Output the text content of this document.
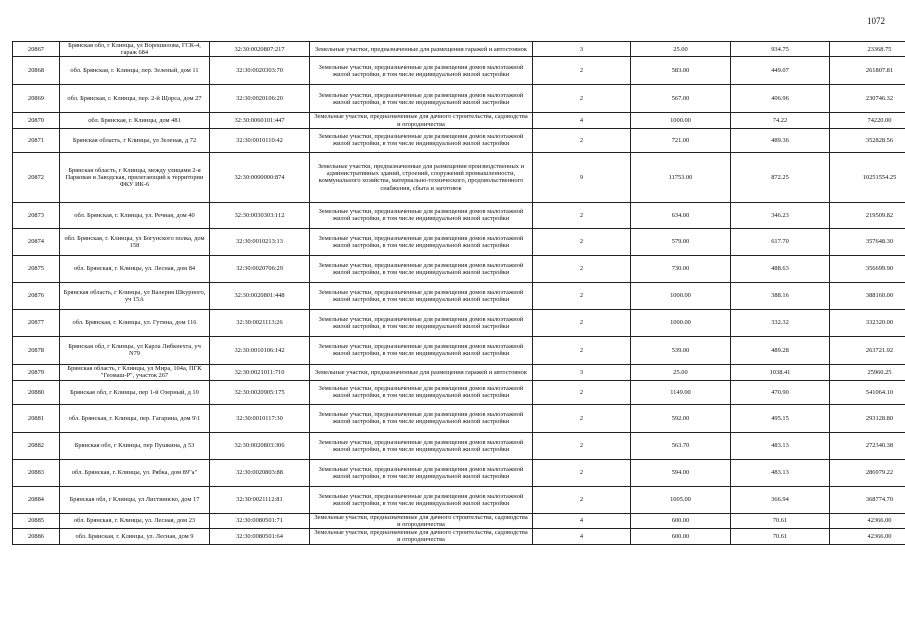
1072
20867	Брянская обл, г Клинцы, ул Ворошилова, ГСК-4, гараж 684	32:30:0020807:217	Земельные участки, предназначенные для размещения гаражей и автостоянок	3	25.00	934.75	23368.75
20868	обл. Брянская, г. Клинцы, пер. Зеленый, дом 11	32:30:0020303:70	Земельные участки, предназначенные для размещения домов малоэтажной жилой застройки, в том числе индивидуальной жилой застройки	2	583.00	449.07	261807.81
20869	обл. Брянская, г. Клинцы, пер. 2-й Щорса, дом 27	32:30:0020106:20	Земельные участки, предназначенные для размещения домов малоэтажной жилой застройки, в том числе индивидуальной жилой застройки	2	567.00	406.96	230746.32
20870	обл. Брянская, г. Клинцы, дом 481	32:30:0060101:447	Земельные участки, предназначенные для дачного строительства, садоводства и огородничества	4	1000.00	74.22	74220.00
20871	Брянская область, г Клинцы, ул Зеленая, д 72	32:30:0010110:42	Земельные участки, предназначенные для размещения домов малоэтажной жилой застройки, в том числе индивидуальной жилой застройки	2	721.00	489.36	352828.56
20872	Брянская область, г Клинцы, между улицами 2-я Парковая и Заводская, прилегающий к территории ФКУ ИК-6	32:30:0000000:874	Земельные участки, предназначенные для размещения производственных и административных зданий, строений, сооружений промышленности, коммунального хозяйства, материально-технического, продовольственного снабжения, сбыта и заготовок	9	11753.00	872.25	10251554.25
20873	обл. Брянская, г. Клинцы, ул. Речная, дом 40	32:30:0030303:112	Земельные участки, предназначенные для размещения домов малоэтажной жилой застройки, в том числе индивидуальной жилой застройки	2	634.00	346.23	219509.82
20874	обл. Брянская, г. Клинцы, ул Богунского полка, дом 158	32:30:0010213:13	Земельные участки, предназначенные для размещения домов малоэтажной жилой застройки, в том числе индивидуальной жилой застройки	2	579.00	617.70	357648.30
20875	обл. Брянская, г. Клинцы, ул. Лесная, дом 84	32:30:0020706:29	Земельные участки, предназначенные для размещения домов малоэтажной жилой застройки, в том числе индивидуальной жилой застройки	2	730.00	488.63	356699.90
20876	Брянская область, г Клинцы, ул Валерия Шкурного, уч 15А	32:30:0020801:448	Земельные участки, предназначенные для размещения домов малоэтажной жилой застройки, в том числе индивидуальной жилой застройки	2	1000.00	388.16	388160.00
20877	обл. Брянская, г. Клинцы, ул. Гутина, дом 116	32:30:0021113:26	Земельные участки, предназначенные для размещения домов малоэтажной жилой застройки, в том числе индивидуальной жилой застройки	2	1000.00	332.32	332320.00
20878	Брянская обл, г Клинцы, ул Карла Либкнехта, уч N79	32:30:0010106:142	Земельные участки, предназначенные для размещения домов малоэтажной жилой застройки, в том числе индивидуальной жилой застройки	2	539.00	489.28	263721.92
20879	Брянская область, г Клинцы, ул Мира, 104а, ПГК "Геомаш-Р", участок 267	32:30:0021011:710	Земельные участки, предназначенные для размещения гаражей и автостоянок	3	25.00	1038.41	25960.25
20880	Брянская обл, г Клинцы, пер 1-й Озерный, д 10	32:30:0020905:175	Земельные участки, предназначенные для размещения домов малоэтажной жилой застройки, в том числе индивидуальной жилой застройки	2	1149.00	470.90	541064.10
20881	обл. Брянская, г. Клинцы, пер. Гагарина, дом 9\1	32:30:0010117:30	Земельные участки, предназначенные для размещения домов малоэтажной жилой застройки, в том числе индивидуальной жилой застройки	2	592.00	495.15	293128.80
20882	Брянская обл, г Клинцы, пер Пушкина, д 53	32:30:0020803:306	Земельные участки, предназначенные для размещения домов малоэтажной жилой застройки, в том числе индивидуальной жилой застройки	2	563.70	483.13	272340.38
20883	обл. Брянская, г. Клинцы, ул. Рябка, дом 89"а"	32:30:0020803:88	Земельные участки, предназначенные для размещения домов малоэтажной жилой застройки, в том числе индивидуальной жилой застройки	2	594.00	483.13	286979.22
20884	Брянская обл, г Клинцы, ул Листвинско, дом 17	32:30:0021112:81	Земельные участки, предназначенные для размещения домов малоэтажной жилой застройки, в том числе индивидуальной жилой застройки	2	1005.00	366.94	368774.70
20885	обл. Брянская, г. Клинцы, ул. Лесная, дом 23	32:30:0080501:71	Земельные участки, предназначенные для дачного строительства, садоводства и огородничества	4	600.00	70.61	42366.00
20886	обл. Брянская, г. Клинцы, ул. Лесная, дом 9	32:30:0080501:64	Земельные участки, предназначенные для дачного строительства, садоводства и огородничества	4	600.00	70.61	42366.00
